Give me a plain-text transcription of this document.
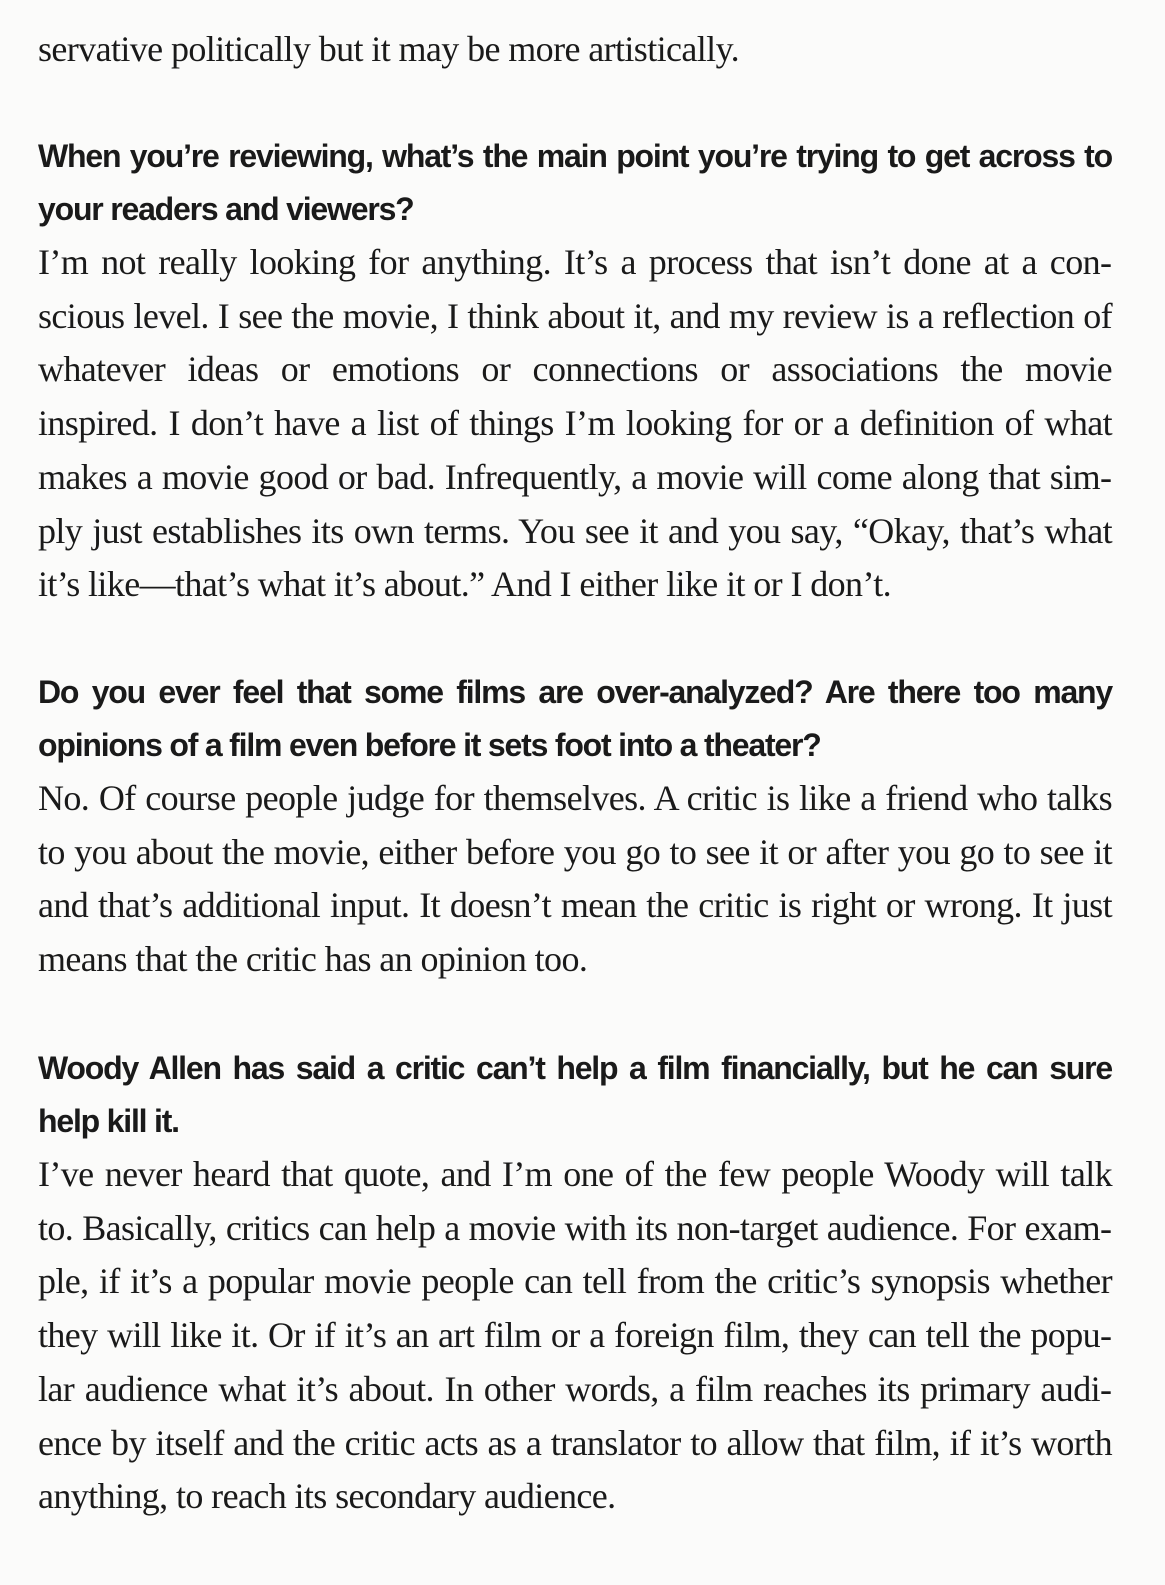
servative politically but it may be more artistically.

When you’re reviewing, what’s the main point you’re trying to get across to your readers and viewers?

I’m not really looking for anything. It’s a process that isn’t done at a conscious level. I see the movie, I think about it, and my review is a reflection of whatever ideas or emotions or connections or associations the movie inspired. I don’t have a list of things I’m looking for or a definition of what makes a movie good or bad. Infrequently, a movie will come along that simply just establishes its own terms. You see it and you say, “Okay, that’s what it’s like—that’s what it’s about.” And I either like it or I don’t.

Do you ever feel that some films are over-analyzed? Are there too many opinions of a film even before it sets foot into a theater?

No. Of course people judge for themselves. A critic is like a friend who talks to you about the movie, either before you go to see it or after you go to see it and that’s additional input. It doesn’t mean the critic is right or wrong. It just means that the critic has an opinion too.

Woody Allen has said a critic can’t help a film financially, but he can sure help kill it.

I’ve never heard that quote, and I’m one of the few people Woody will talk to. Basically, critics can help a movie with its non-target audience. For example, if it’s a popular movie people can tell from the critic’s synopsis whether they will like it. Or if it’s an art film or a foreign film, they can tell the popular audience what it’s about. In other words, a film reaches its primary audience by itself and the critic acts as a translator to allow that film, if it’s worth anything, to reach its secondary audience.
